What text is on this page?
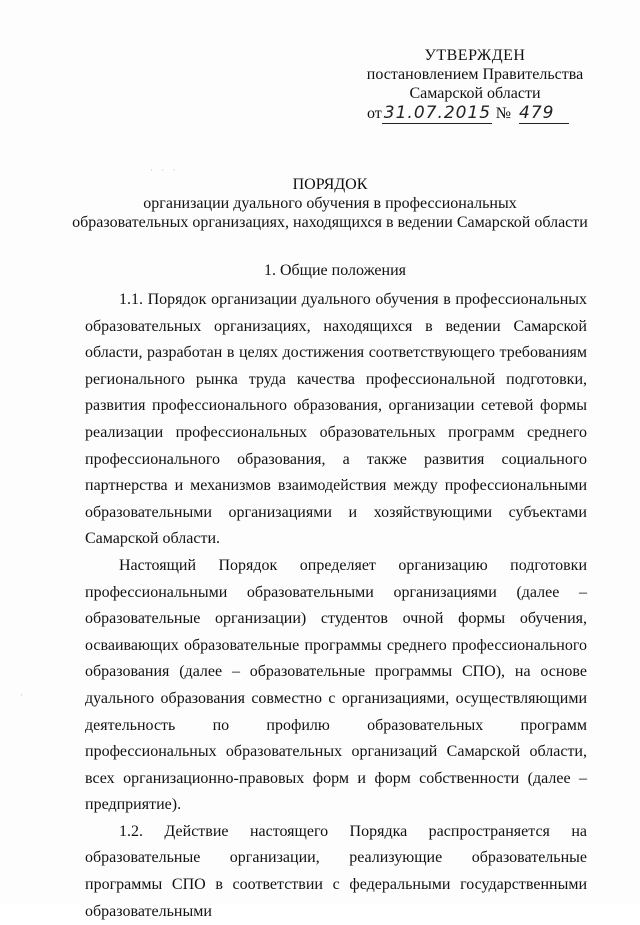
УТВЕРЖДЕН
постановлением Правительства
Самарской области
от 31.07.2015 № 479
ПОРЯДОК
организации дуального обучения в профессиональных
образовательных организациях, находящихся в ведении Самарской области
1. Общие положения

1.1. Порядок организации дуального обучения в профессиональных образовательных организациях, находящихся в ведении Самарской области, разработан в целях достижения соответствующего требованиям регионального рынка труда качества профессиональной подготовки, развития профессионального образования, организации сетевой формы реализации профессиональных образовательных программ среднего профессионального образования, а также развития социального партнерства и механизмов взаимодействия между профессиональными образовательными организациями и хозяйствующими субъектами Самарской области.

Настоящий Порядок определяет организацию подготовки профессиональными образовательными организациями (далее – образовательные организации) студентов очной формы обучения, осваивающих образовательные программы среднего профессионального образования (далее – образовательные программы СПО), на основе дуального образования совместно с организациями, осуществляющими деятельность по профилю образовательных программ профессиональных образовательных организаций Самарской области, всех организационно-правовых форм и форм собственности (далее – предприятие).

1.2. Действие настоящего Порядка распространяется на образовательные организации, реализующие образовательные программы СПО в соответствии с федеральными государственными образовательными

· · ·
·
